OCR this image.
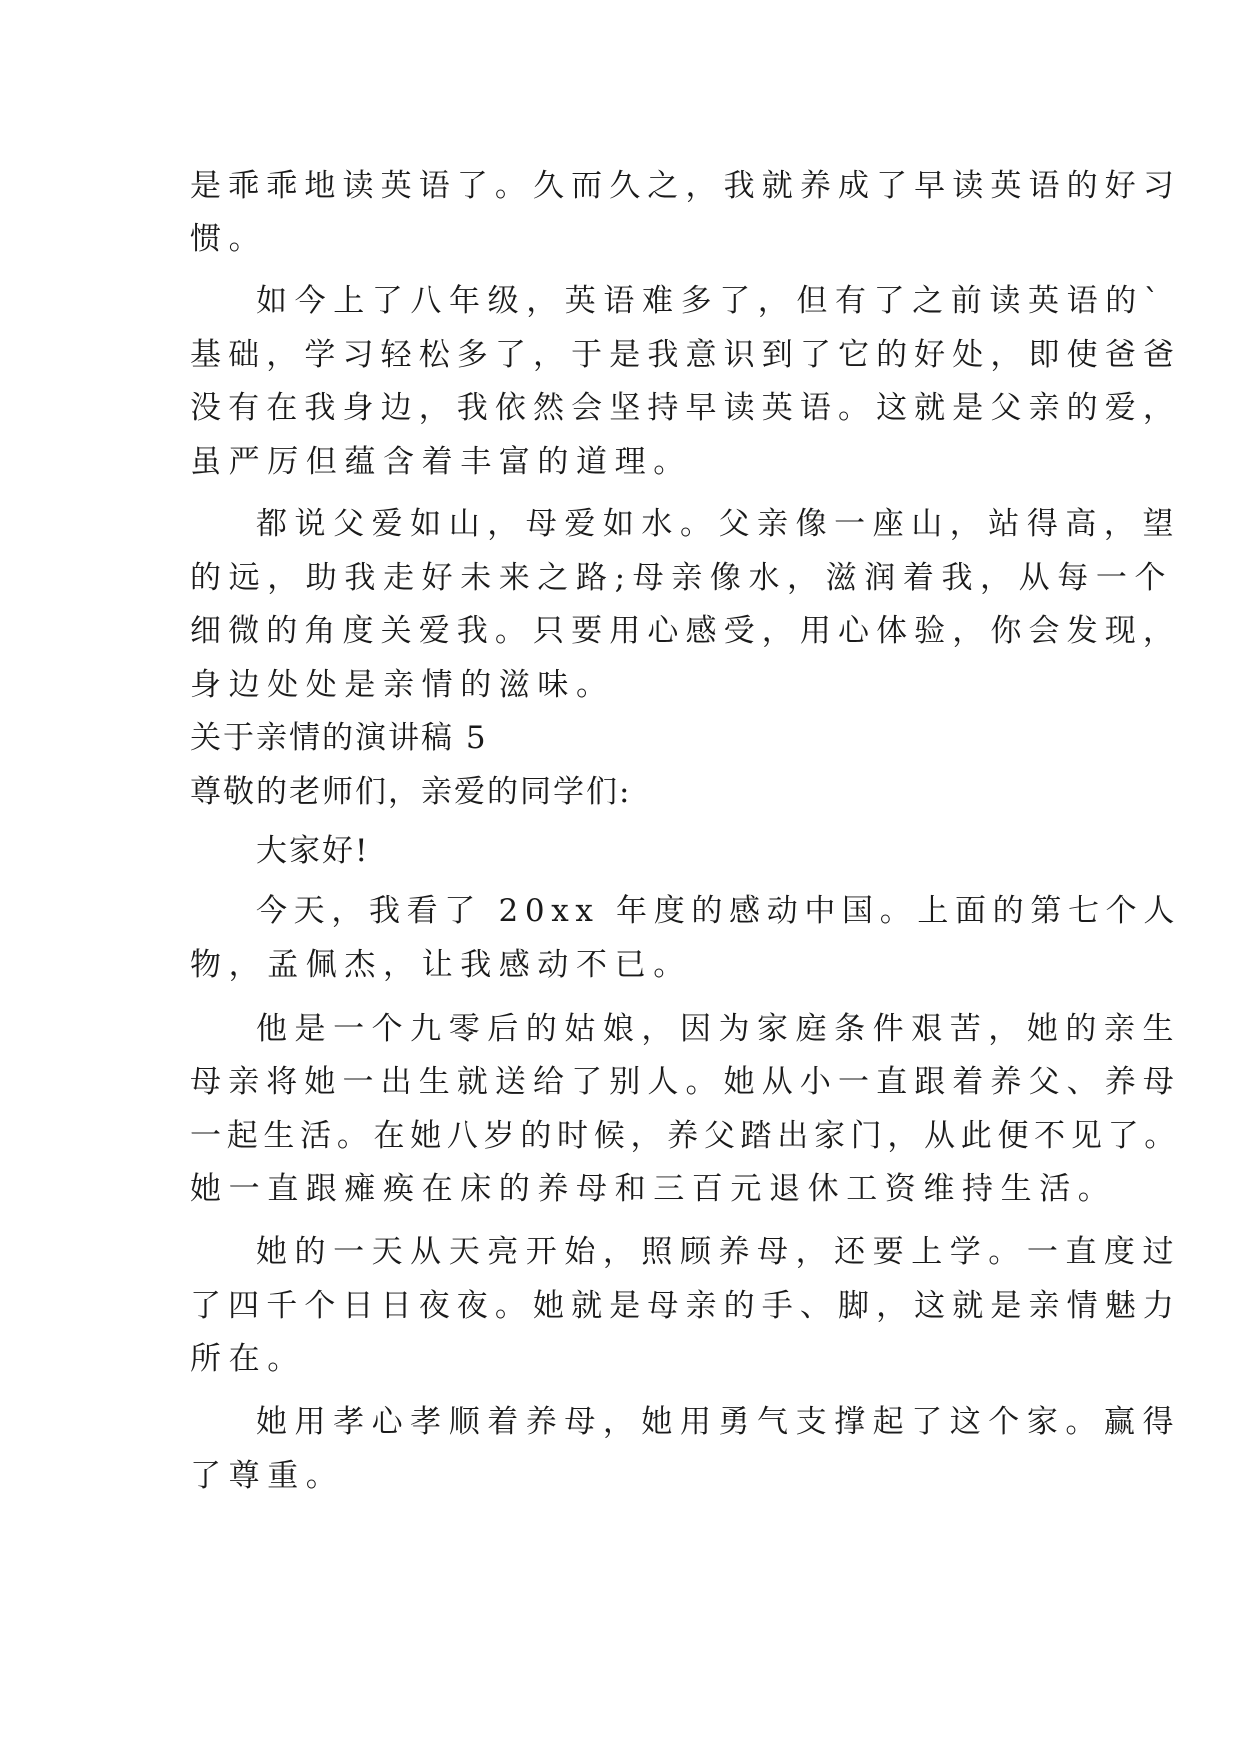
是乖乖地读英语了。久而久之，我就养成了早读英语的好习
惯。
如今上了八年级，英语难多了，但有了之前读英语的`
基础，学习轻松多了，于是我意识到了它的好处，即使爸爸
没有在我身边，我依然会坚持早读英语。这就是父亲的爱，
虽严厉但蕴含着丰富的道理。
都说父爱如山，母爱如水。父亲像一座山，站得高，望
的远，助我走好未来之路;母亲像水，滋润着我，从每一个
细微的角度关爱我。只要用心感受，用心体验，你会发现，
身边处处是亲情的滋味。
关于亲情的演讲稿 5
尊敬的老师们，亲爱的同学们:
大家好!
今天，我看了 20xx 年度的感动中国。上面的第七个人
物，孟佩杰，让我感动不已。
他是一个九零后的姑娘，因为家庭条件艰苦，她的亲生
母亲将她一出生就送给了别人。她从小一直跟着养父、养母
一起生活。在她八岁的时候，养父踏出家门，从此便不见了。
她一直跟瘫痪在床的养母和三百元退休工资维持生活。
她的一天从天亮开始，照顾养母，还要上学。一直度过
了四千个日日夜夜。她就是母亲的手、脚，这就是亲情魅力
所在。
她用孝心孝顺着养母，她用勇气支撑起了这个家。赢得
了尊重。
